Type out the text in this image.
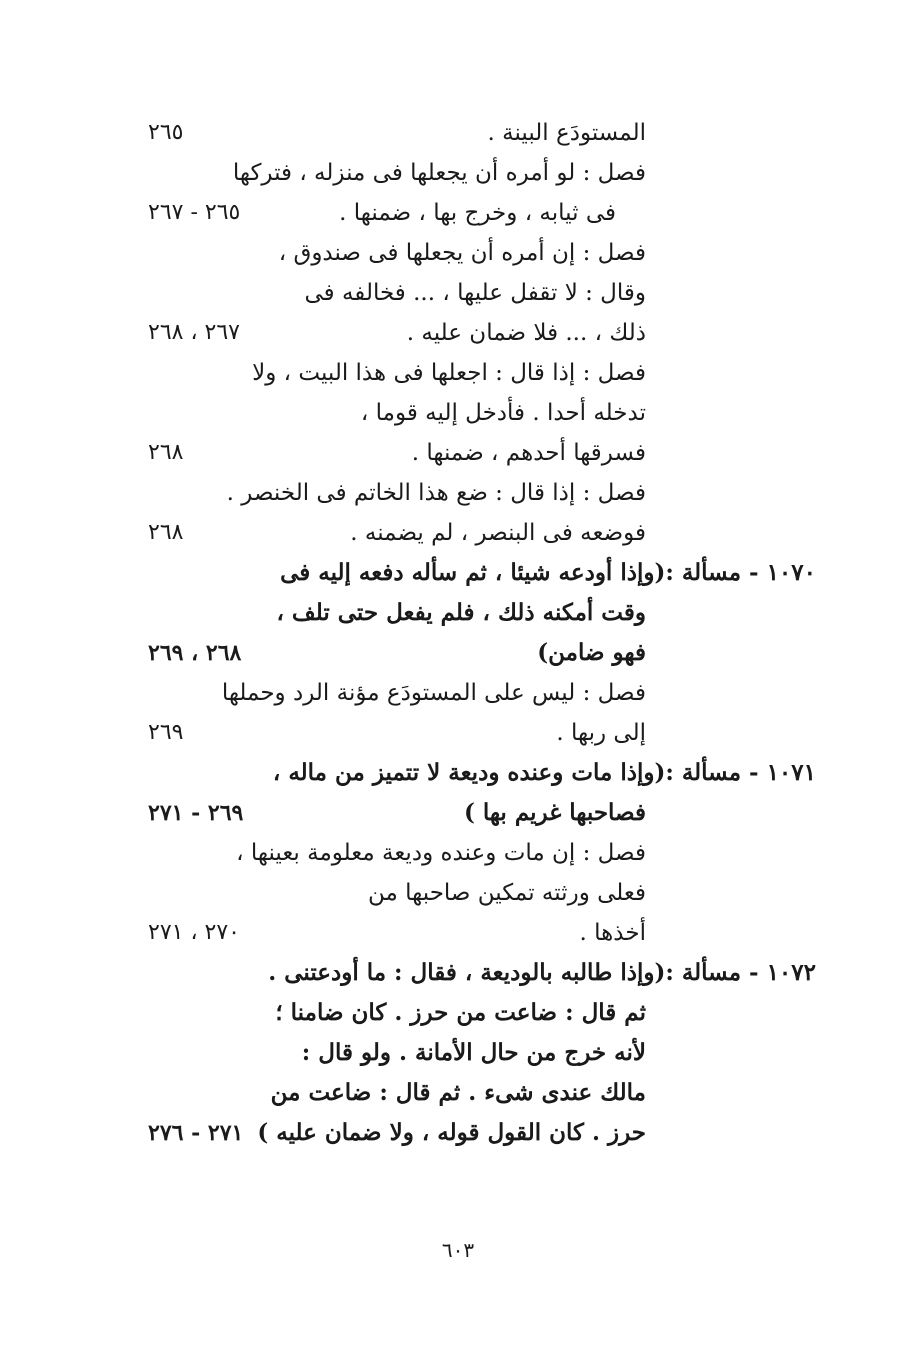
المستودَع البينة .
٢٦٥
فصل : لو أمره أن يجعلها فى منزله ، فتركها
فى ثيابه ، وخرج بها ، ضمنها .
٢٦٥ - ٢٦٧
فصل : إن أمره أن يجعلها فى صندوق ،
وقال : لا تقفل عليها ، ... فخالفه فى
ذلك ، ... فلا ضمان عليه .
٢٦٧ ، ٢٦٨
فصل : إذا قال : اجعلها فى هذا البيت ، ولا
تدخله أحدا . فأدخل إليه قوما ،
فسرقها أحدهم ، ضمنها .
٢٦٨
فصل : إذا قال : ضع هذا الخاتم فى الخنصر .
فوضعه فى البنصر ، لم يضمنه .
٢٦٨
١٠٧٠ - مسألة :(وإذا أودعه شيئا ، ثم سأله دفعه إليه فى
وقت أمكنه ذلك ، فلم يفعل حتى تلف ،
فهو ضامن)
٢٦٨ ، ٢٦٩
فصل : ليس على المستودَع مؤنة الرد وحملها
إلى ربها .
٢٦٩
١٠٧١ - مسألة :(وإذا مات وعنده وديعة لا تتميز من ماله ،
فصاحبها غريم بها )
٢٦٩ - ٢٧١
فصل : إن مات وعنده وديعة معلومة بعينها ،
فعلى ورثته تمكين صاحبها من
أخذها .
٢٧٠ ، ٢٧١
١٠٧٢ - مسألة :(وإذا طالبه بالوديعة ، فقال : ما أودعتنى .
ثم قال : ضاعت من حرز . كان ضامنا ؛
لأنه خرج من حال الأمانة . ولو قال :
مالك عندى شىء . ثم قال : ضاعت من
حرز . كان القول قوله ، ولا ضمان عليه )
٢٧١ - ٢٧٦
٦٠٣
